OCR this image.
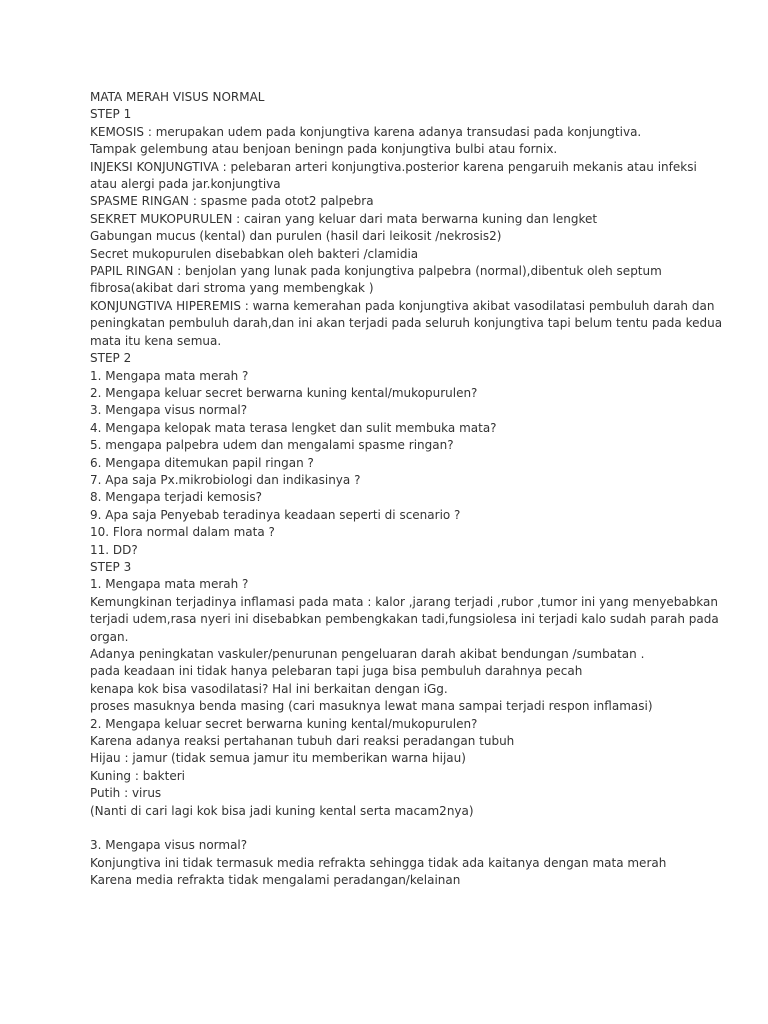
MATA MERAH VISUS NORMAL
STEP 1
KEMOSIS : merupakan udem pada konjungtiva karena adanya transudasi pada konjungtiva.
Tampak gelembung atau benjoan beningn pada konjungtiva bulbi atau fornix.
INJEKSI KONJUNGTIVA : pelebaran arteri konjungtiva.posterior karena pengaruih mekanis atau infeksi
atau alergi pada jar.konjungtiva
SPASME RINGAN : spasme pada otot2 palpebra
SEKRET MUKOPURULEN : cairan yang keluar dari mata berwarna kuning dan lengket
Gabungan mucus (kental) dan purulen (hasil dari leikosit /nekrosis2)
Secret mukopurulen disebabkan oleh bakteri /clamidia
PAPIL RINGAN : benjolan yang lunak pada konjungtiva palpebra (normal),dibentuk oleh septum
fibrosa(akibat dari stroma yang membengkak )
KONJUNGTIVA HIPEREMIS : warna kemerahan pada konjungtiva akibat vasodilatasi pembuluh darah dan
peningkatan pembuluh darah,dan ini akan terjadi pada seluruh konjungtiva tapi belum tentu pada kedua
mata itu kena semua.
STEP 2
1. Mengapa mata merah ?
2. Mengapa keluar secret berwarna kuning kental/mukopurulen?
3. Mengapa visus normal?
4. Mengapa kelopak mata terasa lengket dan sulit membuka mata?
5. mengapa palpebra udem dan mengalami spasme ringan?
6. Mengapa ditemukan papil ringan ?
7. Apa saja Px.mikrobiologi dan indikasinya ?
8. Mengapa terjadi kemosis?
9. Apa saja Penyebab teradinya keadaan seperti di scenario ?
10. Flora normal dalam mata ?
11. DD?
STEP 3
1. Mengapa mata merah ?
Kemungkinan terjadinya inflamasi pada mata : kalor ,jarang terjadi ,rubor ,tumor ini yang menyebabkan
terjadi udem,rasa nyeri ini disebabkan pembengkakan tadi,fungsiolesa ini terjadi kalo sudah parah pada
organ.
Adanya peningkatan vaskuler/penurunan pengeluaran darah akibat bendungan /sumbatan .
pada keadaan ini tidak hanya pelebaran tapi juga bisa pembuluh darahnya pecah
kenapa kok bisa vasodilatasi? Hal ini berkaitan dengan iGg.
proses masuknya benda masing (cari masuknya lewat mana sampai terjadi respon inflamasi)
2. Mengapa keluar secret berwarna kuning kental/mukopurulen?
Karena adanya reaksi pertahanan tubuh dari reaksi peradangan tubuh
Hijau : jamur (tidak semua jamur itu memberikan warna hijau)
Kuning : bakteri
Putih : virus
(Nanti di cari lagi kok bisa jadi kuning kental serta macam2nya)
3. Mengapa visus normal?
Konjungtiva ini tidak termasuk media refrakta sehingga tidak ada kaitanya dengan mata merah
Karena media refrakta tidak mengalami peradangan/kelainan
